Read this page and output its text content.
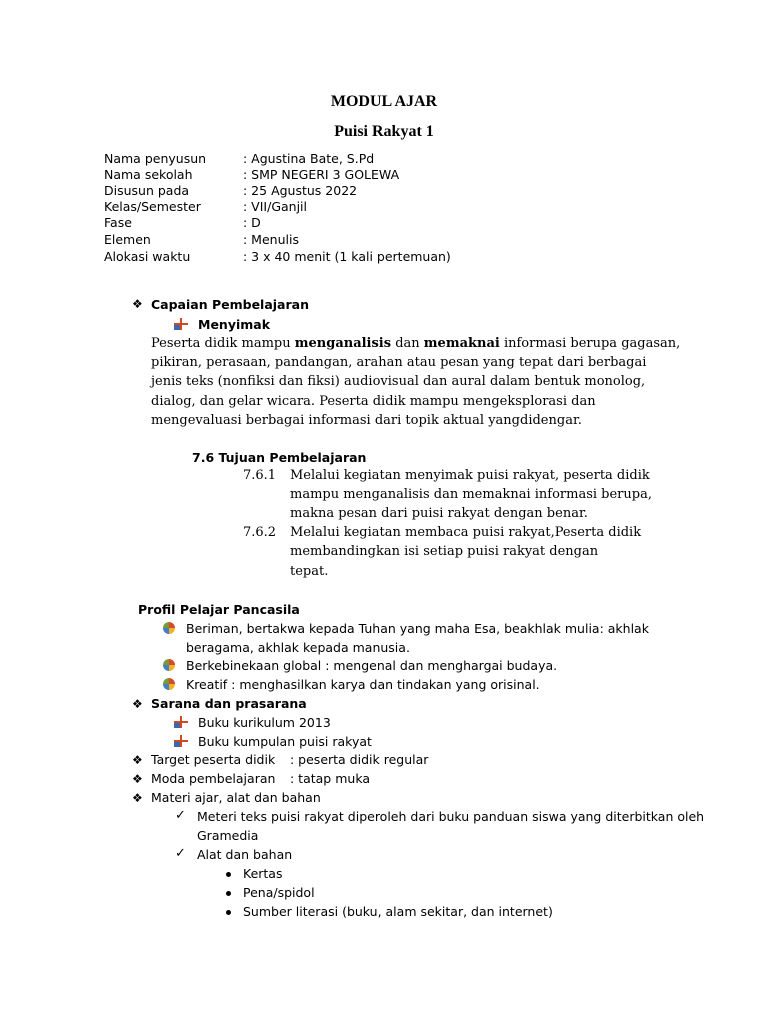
MODUL AJAR
Puisi Rakyat 1
Nama penyusun	: Agustina Bate, S.Pd
Nama sekolah	: SMP NEGERI 3 GOLEWA
Disusun pada	: 25 Agustus 2022
Kelas/Semester	: VII/Ganjil
Fase	: D
Elemen	: Menulis
Alokasi waktu	: 3 x 40 menit (1 kali pertemuan)
❖ Capaian Pembelajaran
Menyimak
Peserta didik mampu menganalisis dan memaknai informasi berupa gagasan, pikiran, perasaan, pandangan, arahan atau pesan yang tepat dari berbagai jenis teks (nonfiksi dan fiksi) audiovisual dan aural dalam bentuk monolog, dialog, dan gelar wicara. Peserta didik mampu mengeksplorasi dan mengevaluasi berbagai informasi dari topik aktual yangdidengar.
7.6 Tujuan Pembelajaran
7.6.1 Melalui kegiatan menyimak puisi rakyat, peserta didik
mampu menganalisis dan memaknai informasi berupa,
makna pesan dari puisi rakyat dengan benar.
7.6.2 Melalui kegiatan membaca puisi rakyat,Peserta didik
membandingkan isi setiap puisi rakyat dengan
tepat.
Profil Pelajar Pancasila
Beriman, bertakwa kepada Tuhan yang maha Esa, beakhlak mulia: akhlak
beragama, akhlak kepada manusia.
Berkebinekaan global : mengenal dan menghargai budaya.
Kreatif : menghasilkan karya dan tindakan yang orisinal.
❖ Sarana dan prasarana
Buku kurikulum 2013
Buku kumpulan puisi rakyat
❖ Target peserta didik : peserta didik regular
❖ Moda pembelajaran : tatap muka
❖ Materi ajar, alat dan bahan
✓ Meteri teks puisi rakyat diperoleh dari buku panduan siswa yang diterbitkan oleh
Gramedia
✓ Alat dan bahan
Kertas
Pena/spidol
Sumber literasi (buku, alam sekitar, dan internet)
